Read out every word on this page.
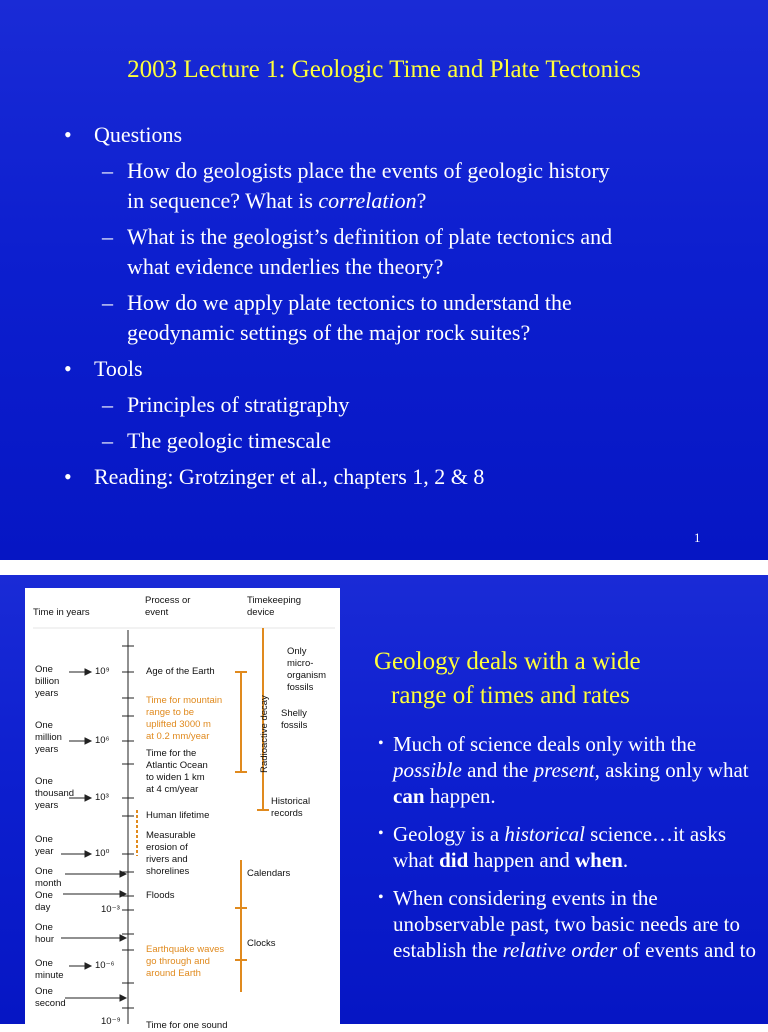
2003 Lecture 1: Geologic Time and Plate Tectonics
• Questions
– How do geologists place the events of geologic history
in sequence? What is correlation?
– What is the geologist’s definition of plate tectonics and
what evidence underlies the theory?
– How do we apply plate tectonics to understand the
geodynamic settings of the major rock suites?
• Tools
– Principles of stratigraphy
– The geologic timescale
• Reading: Grotzinger et al., chapters 1, 2 & 8
1
Time in years
Process or
event
Timekeeping
device
One
billion
years
One
million
years
One
thousand
years
One
year
One
month
One
day
One
hour
One
minute
One
second
10⁹
10⁶
10³
10⁰
10⁻³
10⁻⁶
10⁻⁹
Age of the Earth
Time for mountain
range to be
uplifted 3000 m
at 0.2 mm/year
Time for the
Atlantic Ocean
to widen 1 km
at 4 cm/year
Human lifetime
Measurable
erosion of
rivers and
shorelines
Floods
Earthquake waves
go through and
around Earth
Time for one sound
Only
micro-
organism
fossils
Shelly
fossils
Radioactive decay
Historical
records
Calendars
Clocks
Geology deals with a wide
range of times and rates
• Much of science deals only with the possible and the present, asking only what can happen.
• Geology is a historical science…it asks what did happen and when.
• When considering events in the unobservable past, two basic needs are to establish the relative order of events and to
